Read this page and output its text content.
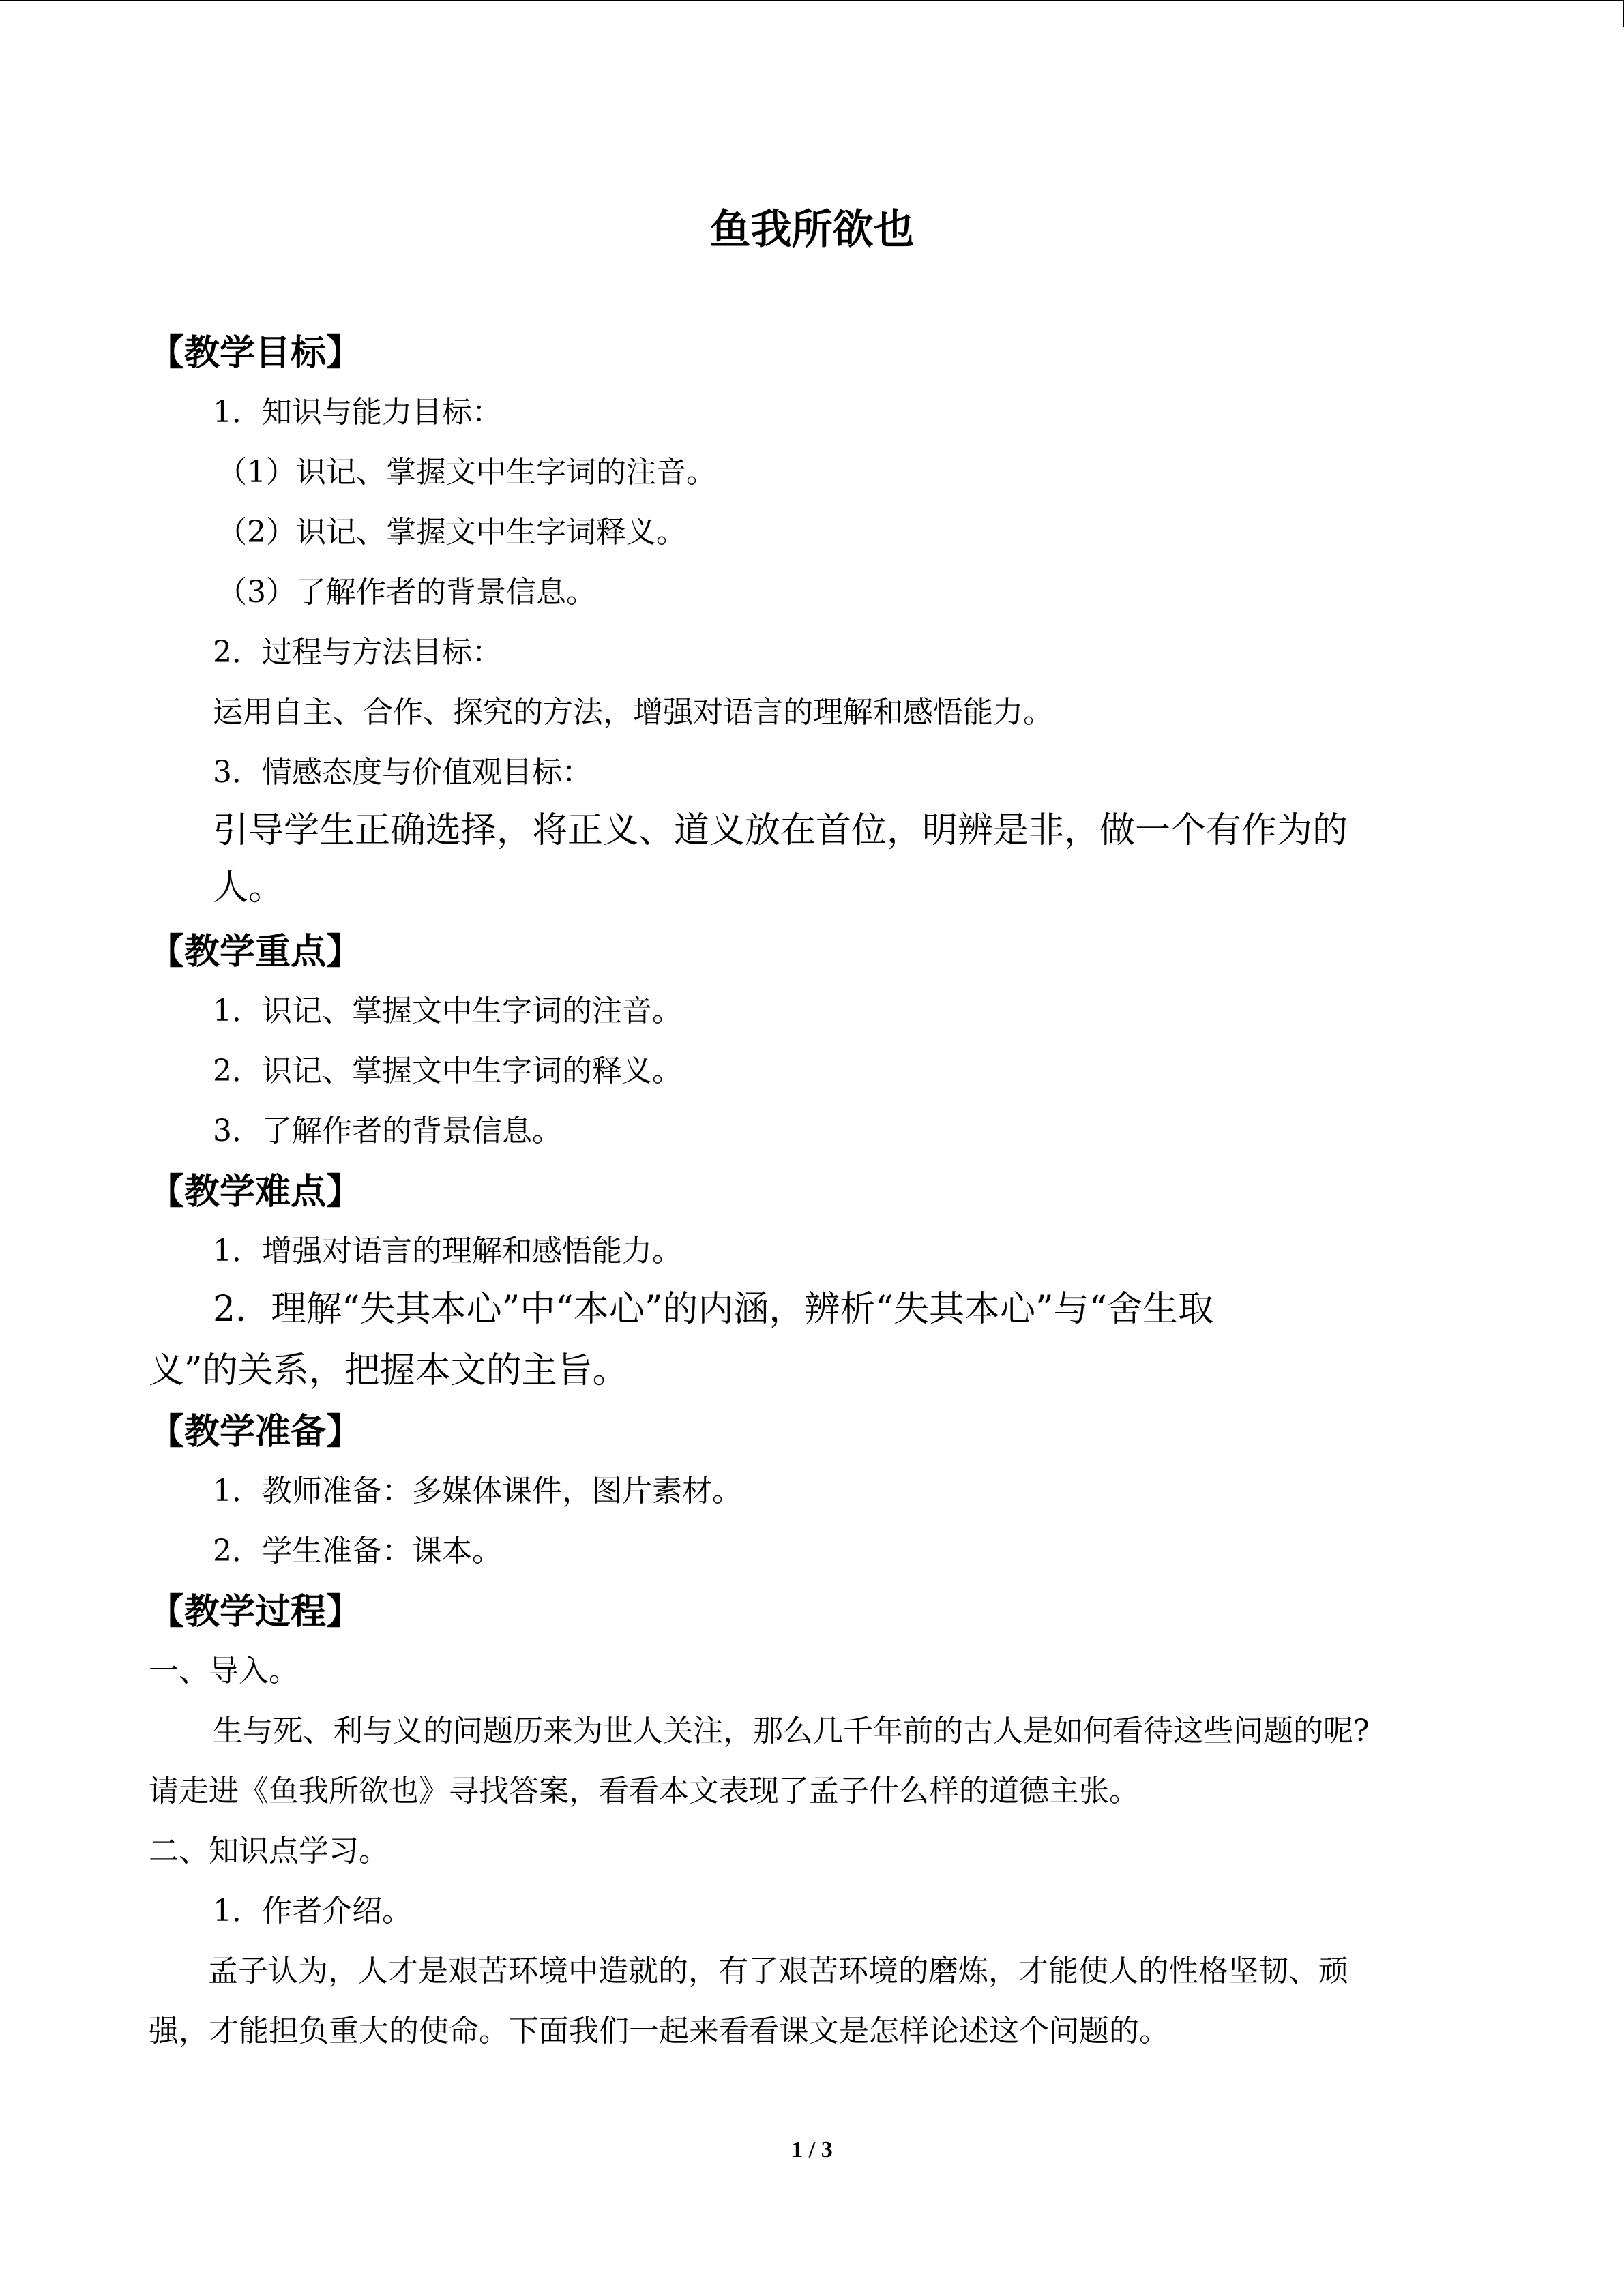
鱼我所欲也
【教学目标】
1．知识与能力目标：
（1）识记、掌握文中生字词的注音。
（2）识记、掌握文中生字词释义。
（3）了解作者的背景信息。
2．过程与方法目标：
运用自主、合作、探究的方法，增强对语言的理解和感悟能力。
3．情感态度与价值观目标：
引导学生正确选择，将正义、道义放在首位，明辨是非，做一个有作为的
人。
【教学重点】
1．识记、掌握文中生字词的注音。
2．识记、掌握文中生字词的释义。
3．了解作者的背景信息。
【教学难点】
1．增强对语言的理解和感悟能力。
2．理解“失其本心”中“本心”的内涵，辨析“失其本心”与“舍生取
义”的关系，把握本文的主旨。
【教学准备】
1．教师准备：多媒体课件，图片素材。
2．学生准备：课本。
【教学过程】
一、导入。
生与死、利与义的问题历来为世人关注，那么几千年前的古人是如何看待这些问题的呢?
请走进《鱼我所欲也》寻找答案，看看本文表现了孟子什么样的道德主张。
二、知识点学习。
1．作者介绍。
孟子认为，人才是艰苦环境中造就的，有了艰苦环境的磨炼，才能使人的性格坚韧、顽
强，才能担负重大的使命。下面我们一起来看看课文是怎样论述这个问题的。
1 / 3
